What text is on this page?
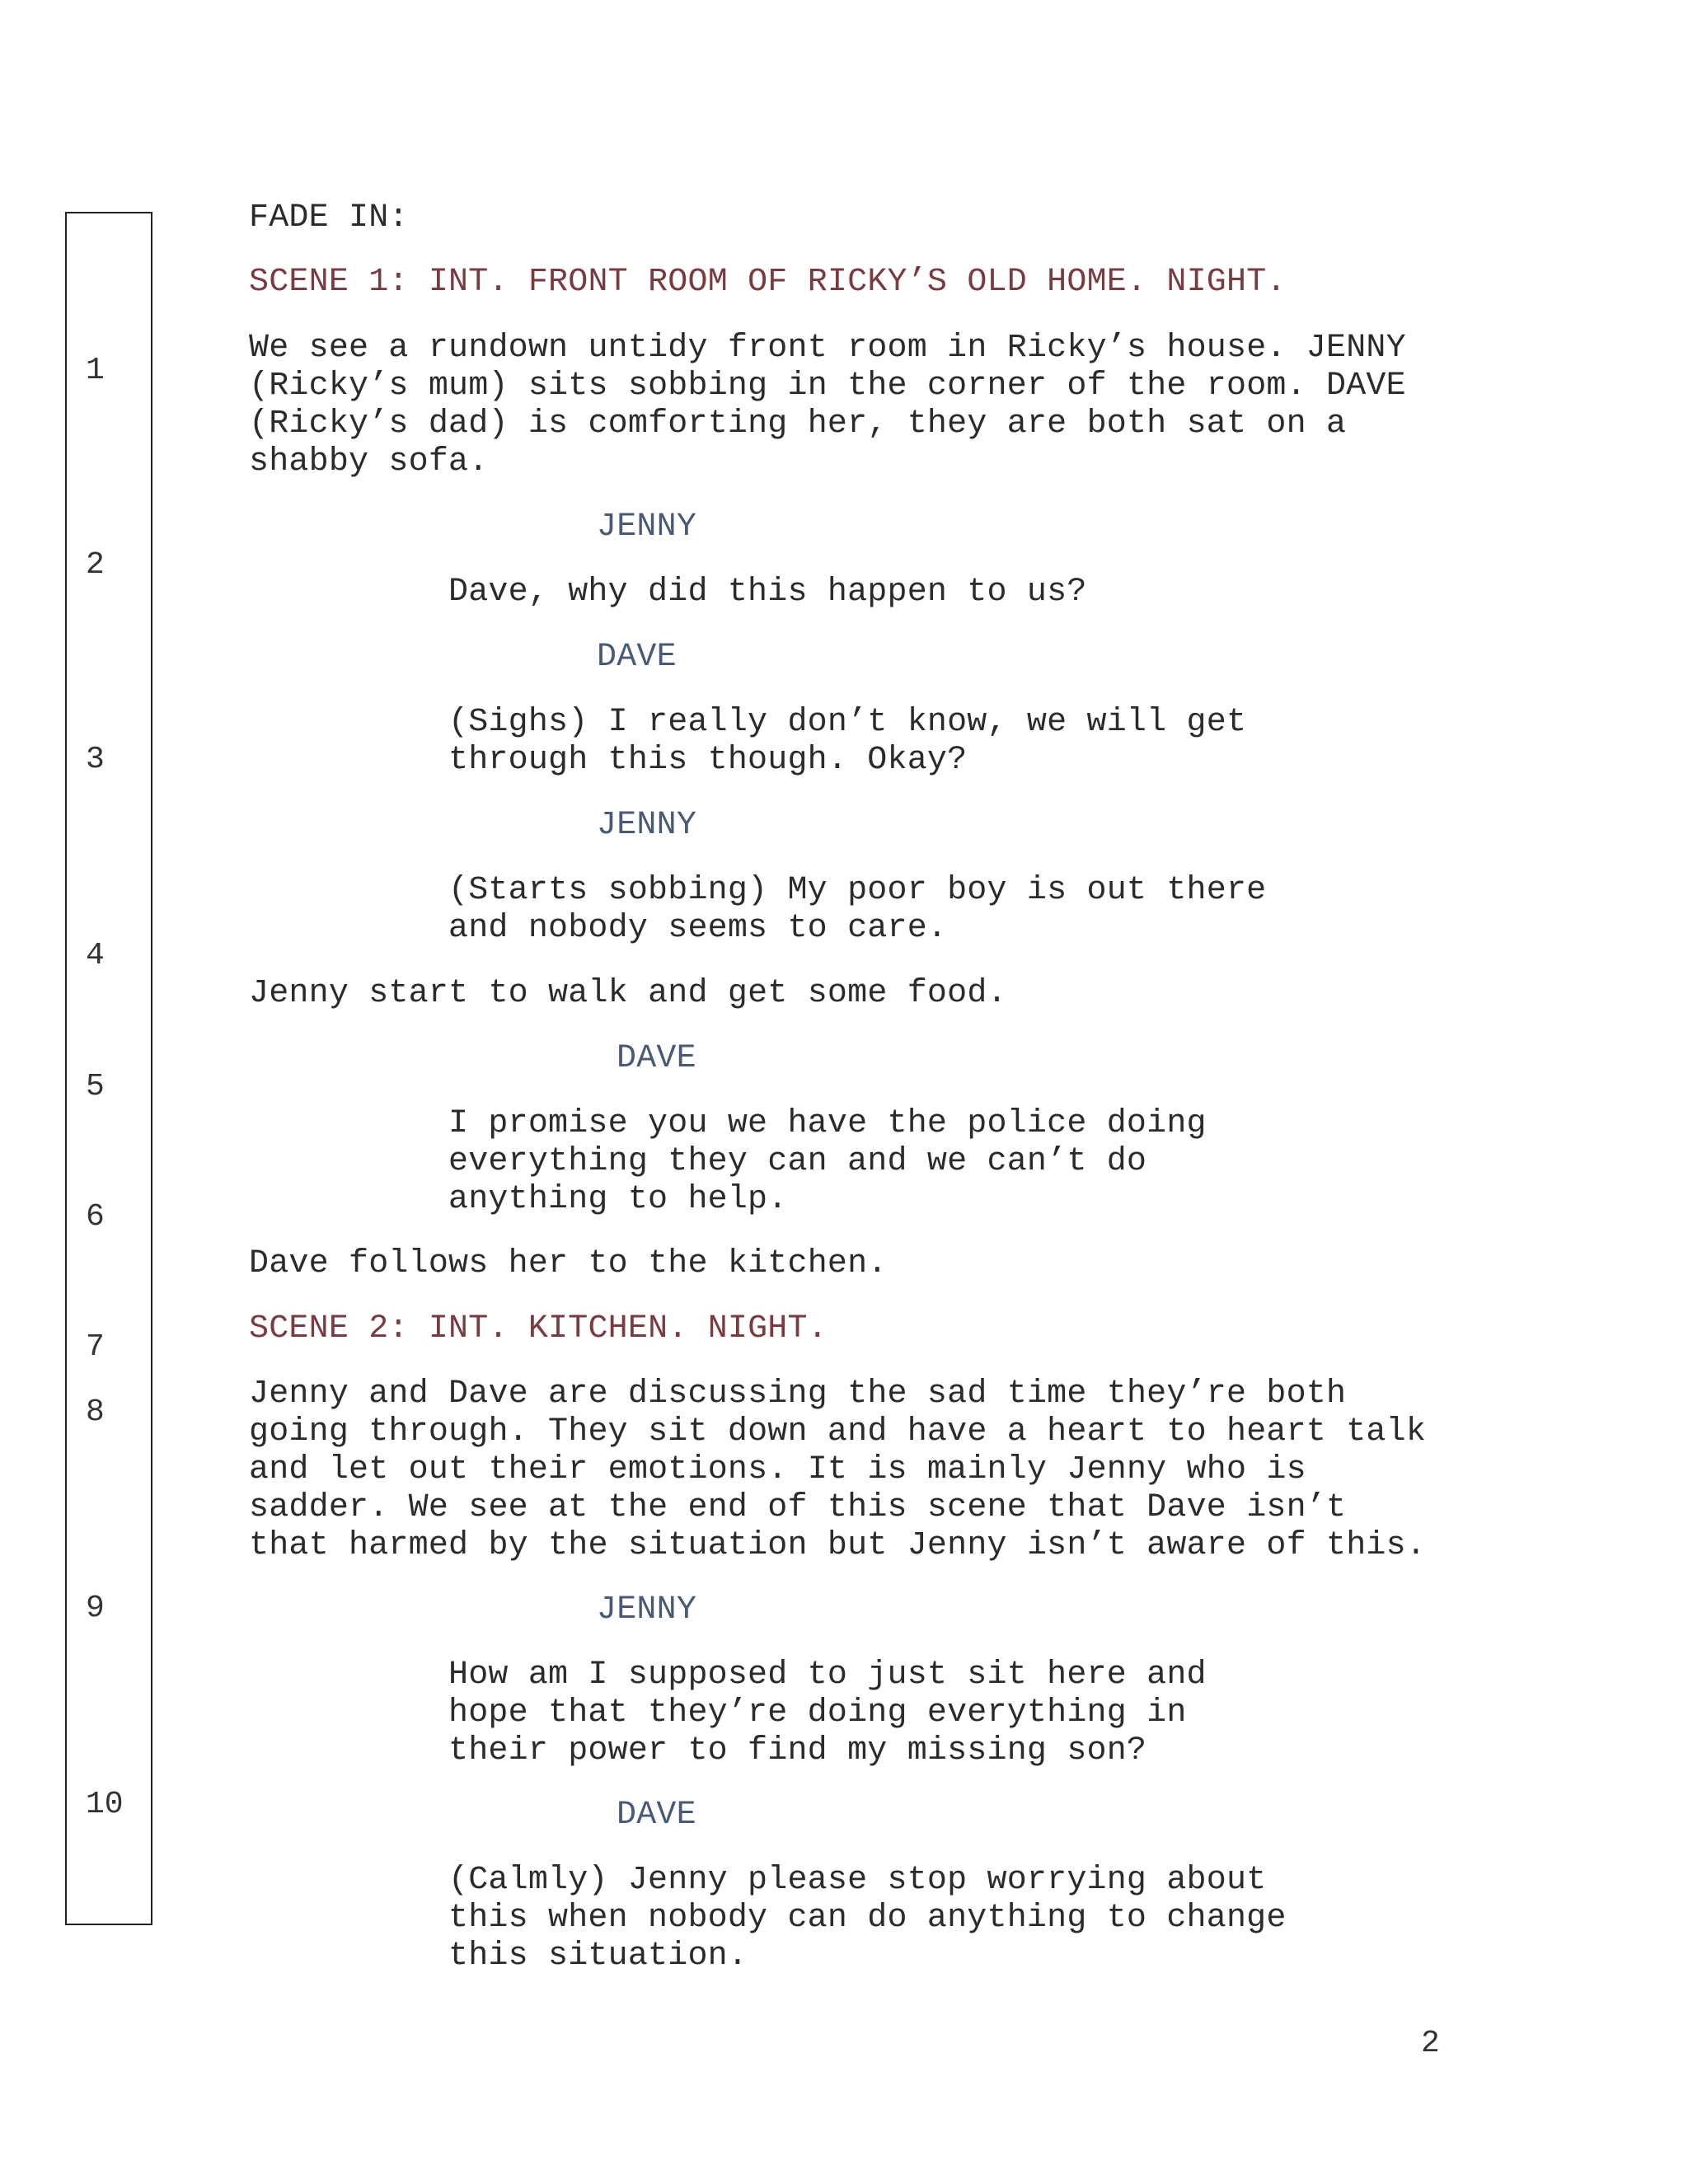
1
2
3
4
5
6
7
8
9
10
FADE IN:
SCENE 1: INT. FRONT ROOM OF RICKY’S OLD HOME. NIGHT.
We see a rundown untidy front room in Ricky’s house. JENNY
(Ricky’s mum) sits sobbing in the corner of the room. DAVE
(Ricky’s dad) is comforting her, they are both sat on a
shabby sofa.
JENNY
Dave, why did this happen to us?
DAVE
(Sighs) I really don’t know, we will get
through this though. Okay?
JENNY
(Starts sobbing) My poor boy is out there
and nobody seems to care.
Jenny start to walk and get some food.
DAVE
I promise you we have the police doing
everything they can and we can’t do
anything to help.
Dave follows her to the kitchen.
SCENE 2: INT. KITCHEN. NIGHT.
Jenny and Dave are discussing the sad time they’re both
going through. They sit down and have a heart to heart talk
and let out their emotions. It is mainly Jenny who is
sadder. We see at the end of this scene that Dave isn’t
that harmed by the situation but Jenny isn’t aware of this.
JENNY
How am I supposed to just sit here and
hope that they’re doing everything in
their power to find my missing son?
DAVE
(Calmly) Jenny please stop worrying about
this when nobody can do anything to change
this situation.
2
